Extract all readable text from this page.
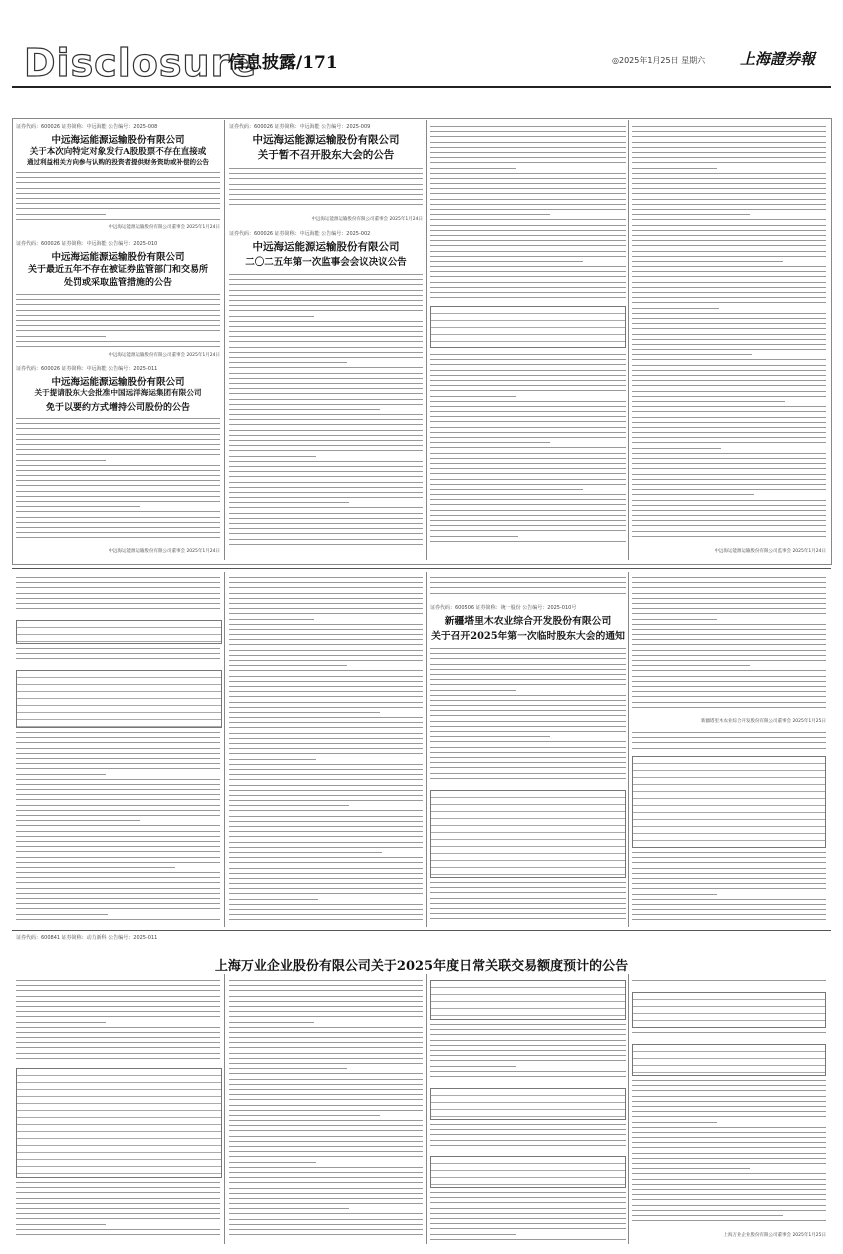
Disclosure
信息披露/171	◎2025年1月25日 星期六 上海證券報
证券代码：600026 证券简称：中远海能 公告编号：2025-008
中远海运能源运输股份有限公司
关于本次向特定对象发行A股股票不存在直接或
通过利益相关方向参与认购的投资者提供财务资助或补偿的公告
中远海运能源运输股份有限公司董事会 2025年1月24日
证券代码：600026 证券简称：中远海能 公告编号：2025-010
中远海运能源运输股份有限公司
关于最近五年不存在被证券监管部门和交易所
处罚或采取监管措施的公告
中远海运能源运输股份有限公司董事会 2025年1月24日
证券代码：600026 证券简称：中远海能 公告编号：2025-011
中远海运能源运输股份有限公司
关于提请股东大会批准中国远洋海运集团有限公司
免于以要约方式增持公司股份的公告
中远海运能源运输股份有限公司董事会 2025年1月24日
证券代码：600026 证券简称：中远海能 公告编号：2025-009
中远海运能源运输股份有限公司
关于暂不召开股东大会的公告
中远海运能源运输股份有限公司董事会 2025年1月24日
证券代码：600026 证券简称：中远海能 公告编号：2025-002
中远海运能源运输股份有限公司
二〇二五年第一次监事会会议决议公告
中远海运能源运输股份有限公司监事会 2025年1月24日
证券代码：600506 证券简称：统一股份 公告编号：2025-010号
新疆塔里木农业综合开发股份有限公司
关于召开2025年第一次临时股东大会的通知
新疆塔里木农业综合开发股份有限公司董事会 2025年1月25日
证券代码：600841 证券简称：动力新科 公告编号：2025-011
上海万业企业股份有限公司关于2025年度日常关联交易额度预计的公告
上海万业企业股份有限公司董事会 2025年1月25日
